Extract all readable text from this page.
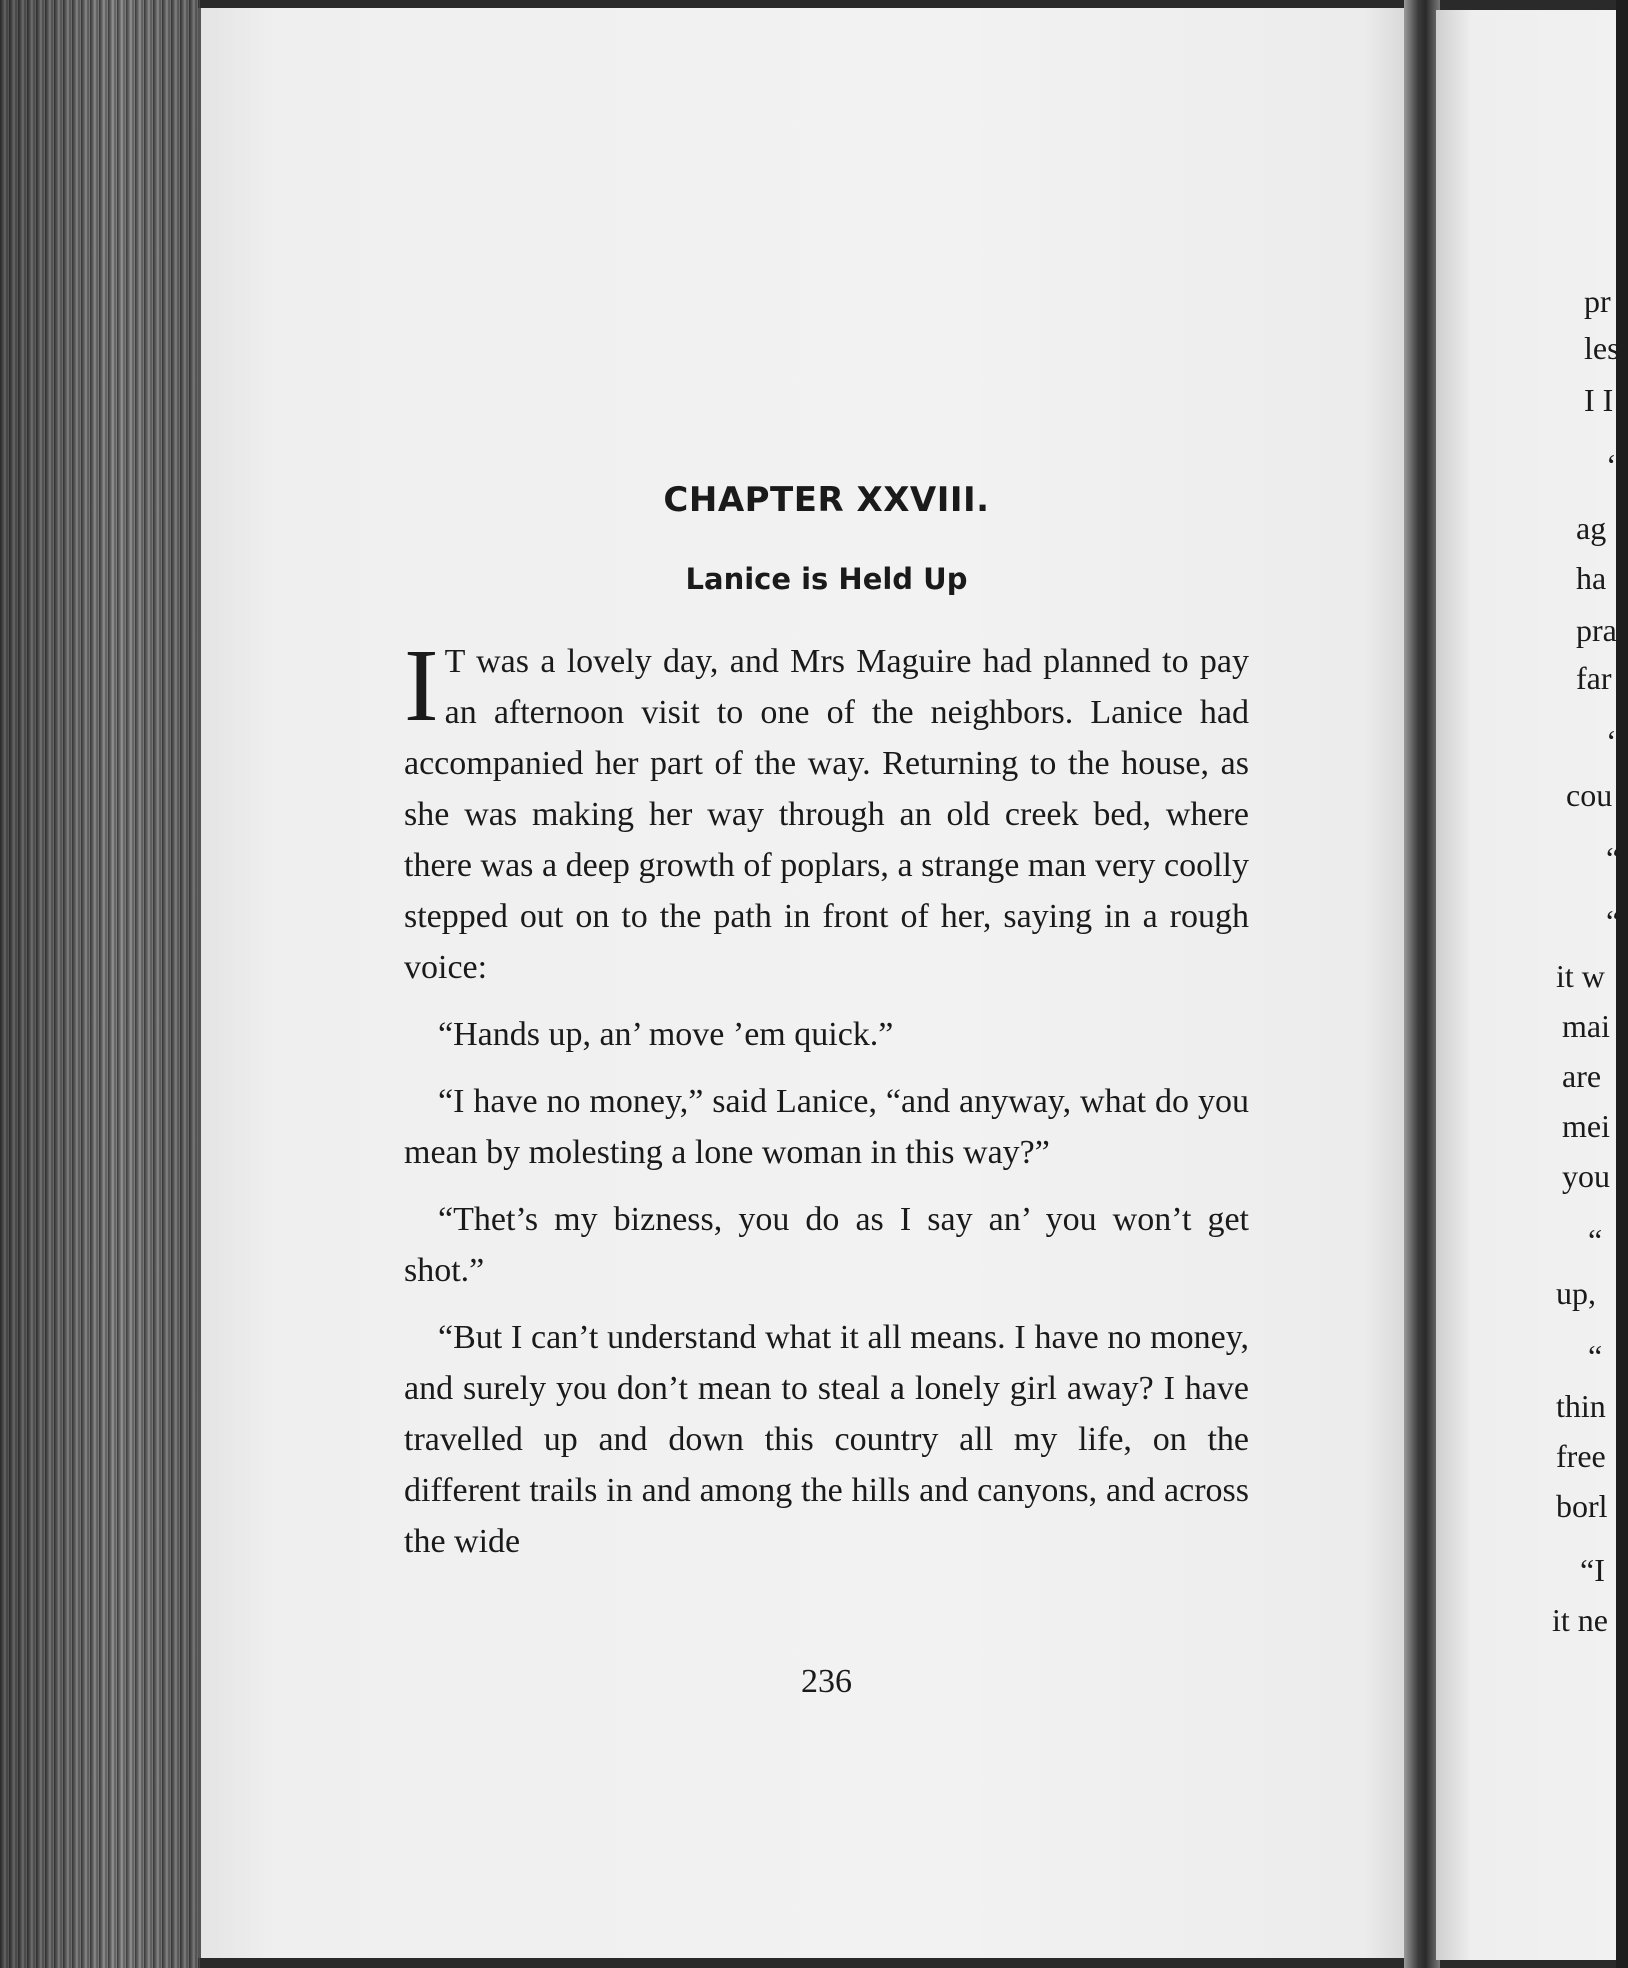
CHAPTER XXVIII.
Lanice is Held Up
I T was a lovely day, and Mrs Maguire had planned to pay an afternoon visit to one of the neighbors. Lanice had accompanied her part of the way. Returning to the house, as she was making her way through an old creek bed, where there was a deep growth of poplars, a strange man very coolly stepped out on to the path in front of her, saying in a rough voice:

“Hands up, an’ move ’em quick.”

“I have no money,” said Lanice, “and anyway, what do you mean by molesting a lone woman in this way?”

“Thet’s my bizness, you do as I say an’ you won’t get shot.”

“But I can’t understand what it all means. I have no money, and surely you don’t mean to steal a lonely girl away? I have travelled up and down this country all my life, on the different trails in and among the hills and canyons, and across the wide

236
pr
les
I I
‘
ag
ha
pra
far
‘
cou
“
“
it w
mai
are
mei
you
“
up,
“
thin
free
borl
“I
it ne
